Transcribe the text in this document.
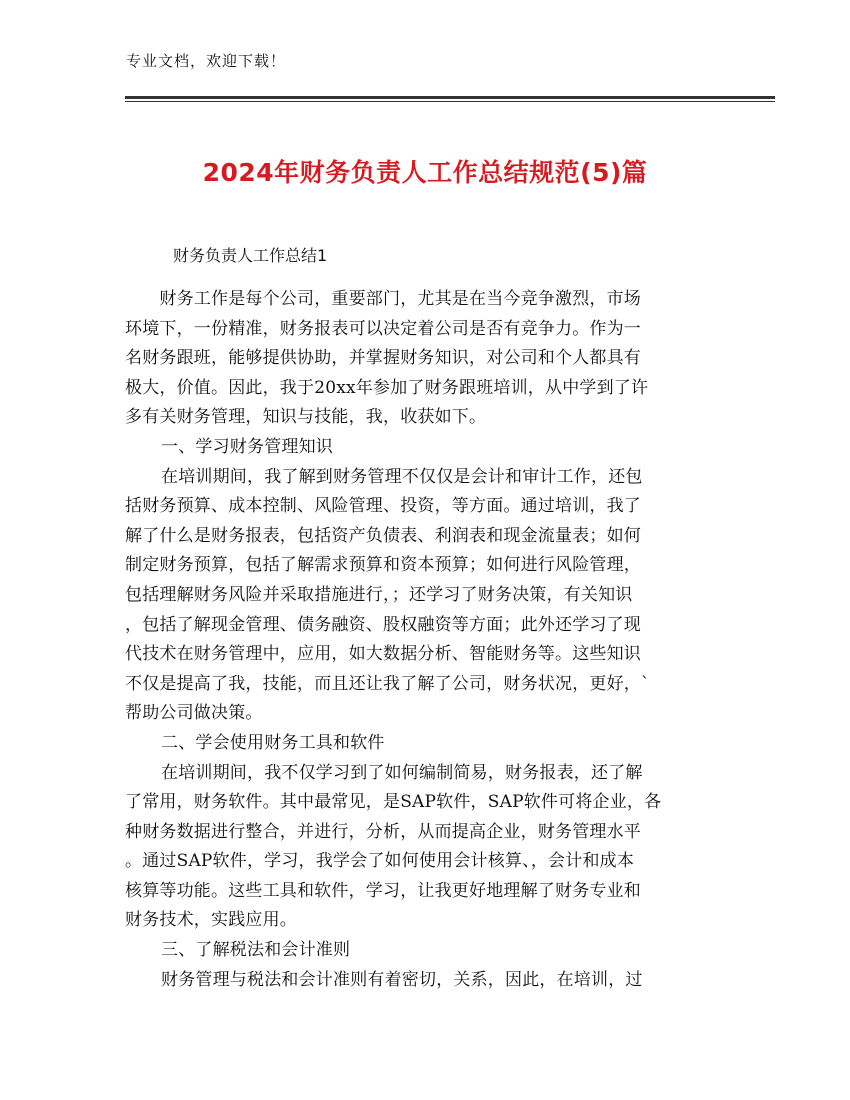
专业文档，欢迎下载！
2024年财务负责人工作总结规范(5)篇
财务负责人工作总结1
　　财务工作是每个公司，重要部门，尤其是在当今竞争激烈，市场
环境下，一份精准，财务报表可以决定着公司是否有竞争力。作为一
名财务跟班，能够提供协助，并掌握财务知识，对公司和个人都具有
极大，价值。因此，我于20xx年参加了财务跟班培训，从中学到了许
多有关财务管理，知识与技能，我，收获如下。
一、学习财务管理知识
在培训期间，我了解到财务管理不仅仅是会计和审计工作，还包
括财务预算、成本控制、风险管理、投资，等方面。通过培训，我了
解了什么是财务报表，包括资产负债表、利润表和现金流量表；如何
制定财务预算，包括了解需求预算和资本预算；如何进行风险管理，
包括理解财务风险并采取措施进行，；还学习了财务决策，有关知识
，包括了解现金管理、债务融资、股权融资等方面；此外还学习了现
代技术在财务管理中，应用，如大数据分析、智能财务等。这些知识
不仅是提高了我，技能，而且还让我了解了公司，财务状况，更好，`
帮助公司做决策。
二、学会使用财务工具和软件
在培训期间，我不仅学习到了如何编制简易，财务报表，还了解
了常用，财务软件。其中最常见，是SAP软件，SAP软件可将企业，各
种财务数据进行整合，并进行，分析，从而提高企业，财务管理水平
。通过SAP软件，学习，我学会了如何使用会计核算、，会计和成本
核算等功能。这些工具和软件，学习，让我更好地理解了财务专业和
财务技术，实践应用。
三、了解税法和会计准则
财务管理与税法和会计准则有着密切，关系，因此，在培训，过
